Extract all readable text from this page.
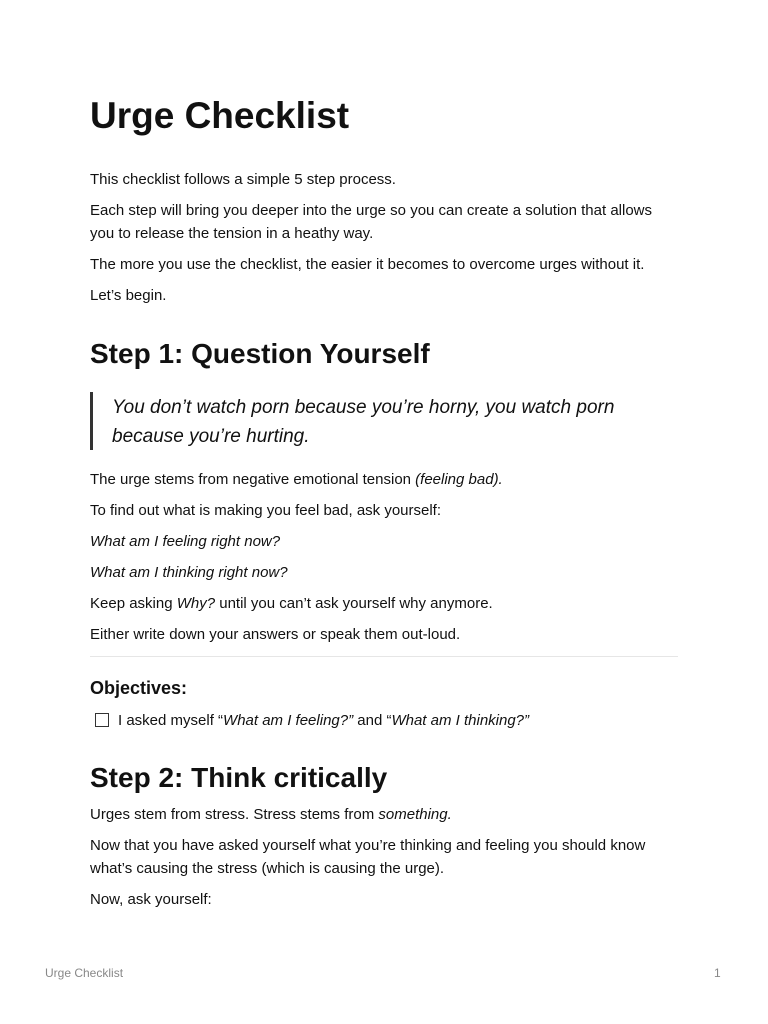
Urge Checklist

This checklist follows a simple 5 step process.

Each step will bring you deeper into the urge so you can create a solution that allows you to release the tension in a heathy way.

The more you use the checklist, the easier it becomes to overcome urges without it.

Let’s begin.

Step 1: Question Yourself

You don’t watch porn because you’re horny, you watch porn because you’re hurting.

The urge stems from negative emotional tension (feeling bad).

To find out what is making you feel bad, ask yourself:

What am I feeling right now?

What am I thinking right now?

Keep asking Why? until you can’t ask yourself why anymore.

Either write down your answers or speak them out-loud.

Objectives:
I asked myself “What am I feeling?” and “What am I thinking?”
Step 2: Think critically

Urges stem from stress. Stress stems from something.

Now that you have asked yourself what you’re thinking and feeling you should know what’s causing the stress (which is causing the urge).

Now, ask yourself:

Urge Checklist	1
